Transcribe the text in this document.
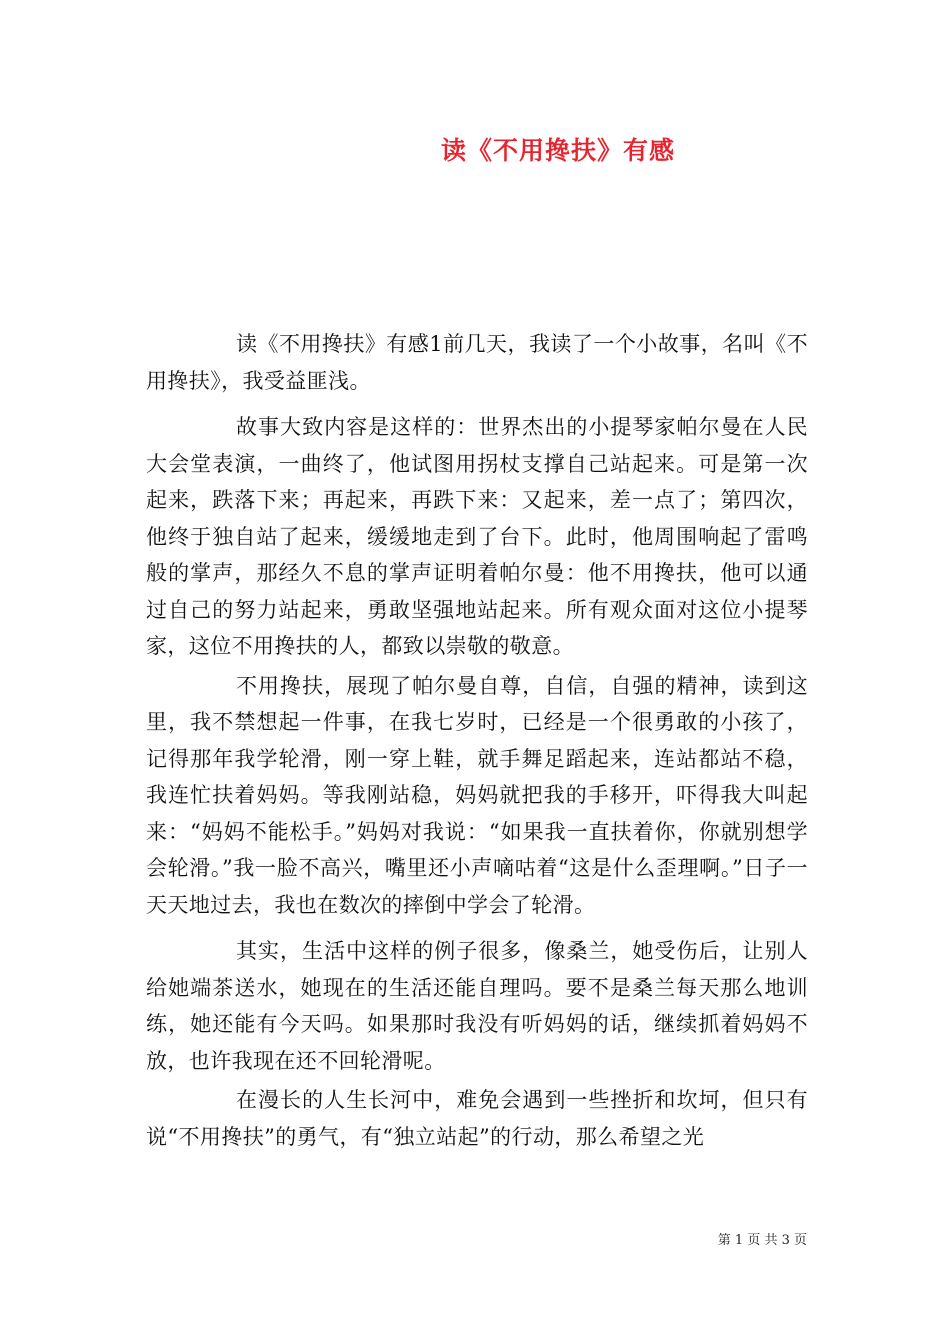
读《不用搀扶》有感

读《不用搀扶》有感1前几天，我读了一个小故事，名叫《不用搀扶》，我受益匪浅。

故事大致内容是这样的：世界杰出的小提琴家帕尔曼在人民大会堂表演，一曲终了，他试图用拐杖支撑自己站起来。可是第一次起来，跌落下来；再起来，再跌下来：又起来，差一点了；第四次，他终于独自站了起来，缓缓地走到了台下。此时，他周围响起了雷鸣般的掌声，那经久不息的掌声证明着帕尔曼：他不用搀扶，他可以通过自己的努力站起来，勇敢坚强地站起来。所有观众面对这位小提琴家，这位不用搀扶的人，都致以崇敬的敬意。

不用搀扶，展现了帕尔曼自尊，自信，自强的精神，读到这里，我不禁想起一件事，在我七岁时，已经是一个很勇敢的小孩了，记得那年我学轮滑，刚一穿上鞋，就手舞足蹈起来，连站都站不稳，我连忙扶着妈妈。等我刚站稳，妈妈就把我的手移开，吓得我大叫起来：“妈妈不能松手。”妈妈对我说：“如果我一直扶着你，你就别想学会轮滑。”我一脸不高兴，嘴里还小声嘀咕着“这是什么歪理啊。”日子一天天地过去，我也在数次的摔倒中学会了轮滑。

其实，生活中这样的例子很多，像桑兰，她受伤后，让别人给她端茶送水，她现在的生活还能自理吗。要不是桑兰每天那么地训练，她还能有今天吗。如果那时我没有听妈妈的话，继续抓着妈妈不放，也许我现在还不回轮滑呢。

在漫长的人生长河中，难免会遇到一些挫折和坎坷，但只有说“不用搀扶”的勇气，有“独立站起”的行动，那么希望之光

第 1 页 共 3 页
